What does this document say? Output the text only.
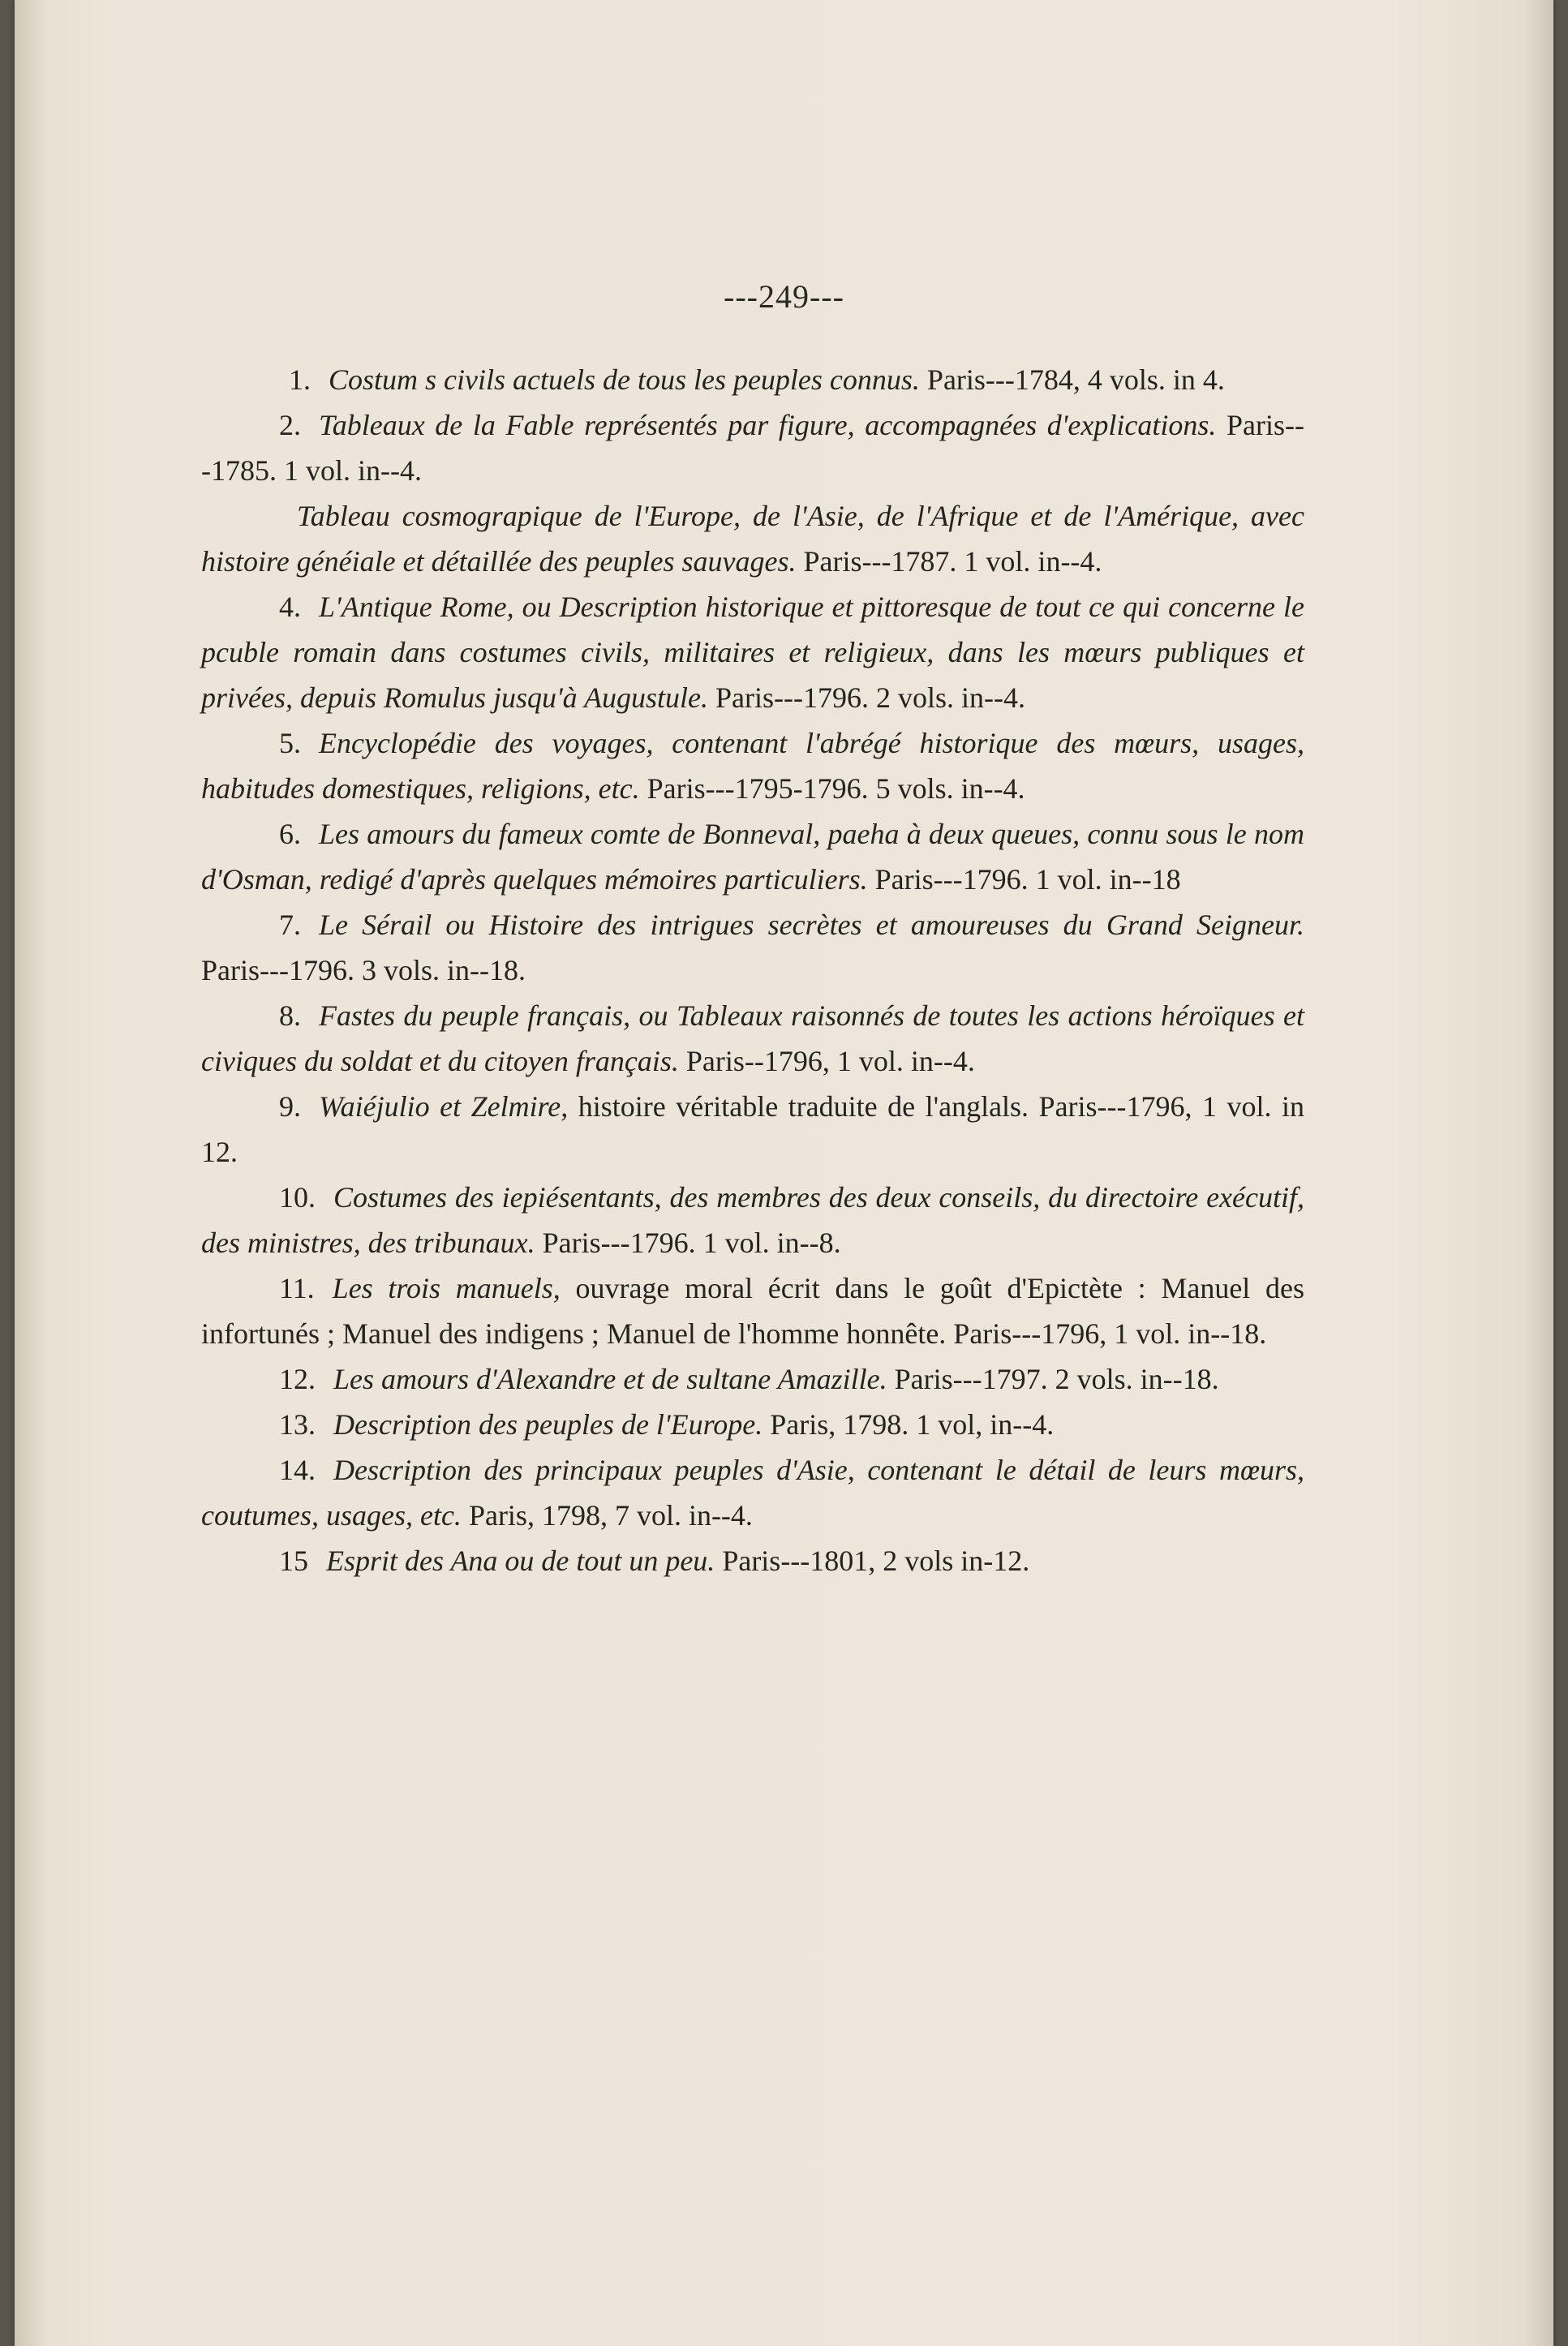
---249---

1. Costum s civils actuels de tous les peuples connus. Paris---1784, 4 vols. in 4.

2. Tableaux de la Fable représentés par figure, accompagnées d'explications. Paris---1785. 1 vol. in--4.

Tableau cosmograpique de l'Europe, de l'Asie, de l'Afrique et de l'Amérique, avec histoire généiale et détaillée des peuples sauvages. Paris---1787. 1 vol. in--4.

4. L'Antique Rome, ou Description historique et pittoresque de tout ce qui concerne le pcuble romain dans costumes civils, militaires et religieux, dans les mœurs publiques et privées, depuis Romulus jusqu'à Augustule. Paris---1796. 2 vols. in--4.

5. Encyclopédie des voyages, contenant l'abrégé historique des mœurs, usages, habitudes domestiques, religions, etc. Paris---1795-1796. 5 vols. in--4.

6. Les amours du fameux comte de Bonneval, paeha à deux queues, connu sous le nom d'Osman, redigé d'après quelques mémoires particuliers. Paris---1796. 1 vol. in--18

7. Le Sérail ou Histoire des intrigues secrètes et amoureuses du Grand Seigneur. Paris---1796. 3 vols. in--18.

8. Fastes du peuple français, ou Tableaux raisonnés de toutes les actions héroïques et civiques du soldat et du citoyen français. Paris--1796, 1 vol. in--4.

9. Waiéjulio et Zelmire, histoire véritable traduite de l'anglals. Paris---1796, 1 vol. in 12.

10. Costumes des iepiésentants, des membres des deux conseils, du directoire exécutif, des ministres, des tribunaux. Paris---1796. 1 vol. in--8.

11. Les trois manuels, ouvrage moral écrit dans le goût d'Epictète : Manuel des infortunés ; Manuel des indigens ; Manuel de l'homme honnête. Paris---1796, 1 vol. in--18.

12. Les amours d'Alexandre et de sultane Amazille. Paris---1797. 2 vols. in--18.

13. Description des peuples de l'Europe. Paris, 1798. 1 vol, in--4.

14. Description des principaux peuples d'Asie, contenant le détail de leurs mœurs, coutumes, usages, etc. Paris, 1798, 7 vol. in--4.

15 Esprit des Ana ou de tout un peu. Paris---1801, 2 vols in-12.
